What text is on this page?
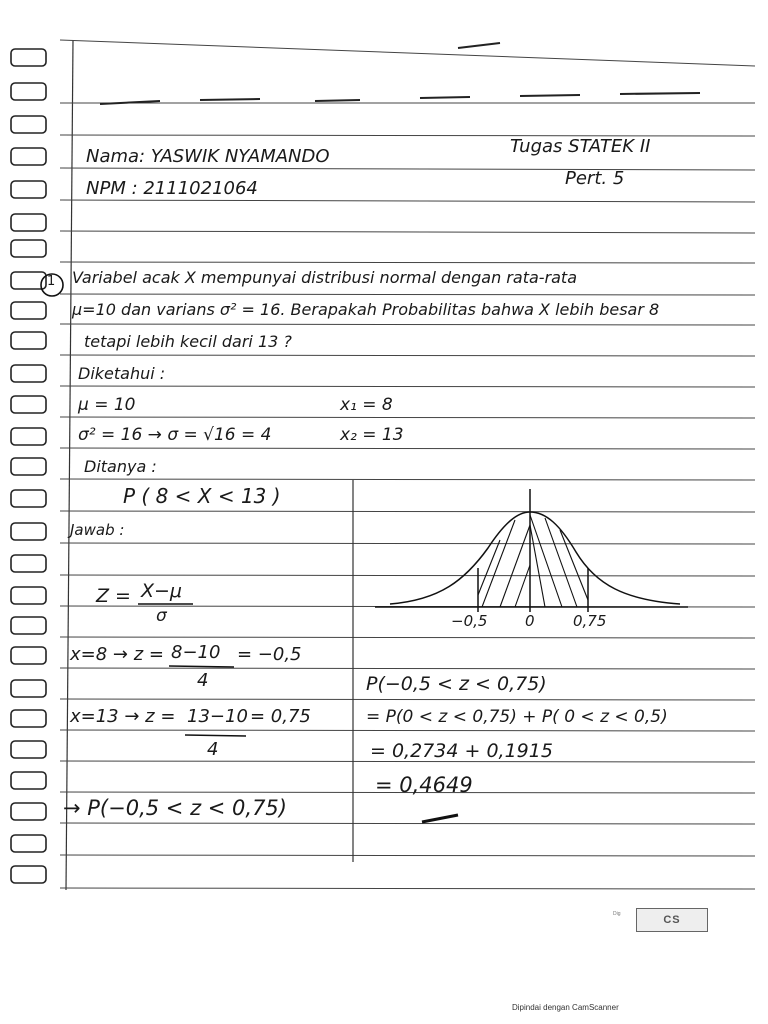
Nama: YASWIK NYAMANDO
NPM : 2111021064
Tugas STATEK II
Pert. 5
1 Variabel acak X mempunyai distribusi normal dengan rata-rata
μ=10 dan varians σ² = 16. Berapakah Probabilitas bahwa X lebih besar 8
tetapi lebih kecil dari 13 ?
Diketahui :
μ = 10
σ² = 16 → σ = √16 = 4
x₁ = 8
x₂ = 13
Ditanya :
P ( 8 < X < 13 )
Jawab :
Z = X−μ
σ
x=8 → z = 8−10
4
= −0,5
x=13 → z = 13−10
4
= 0,75
→ P(−0,5 < z < 0,75)
−0,5	0	0,75
P(−0,5 < z < 0,75)
= P(0 < z < 0,75) + P( 0 < z < 0,5)
= 0,2734 + 0,1915
= 0,4649
Dig	CS
Dipindai dengan CamScanner
